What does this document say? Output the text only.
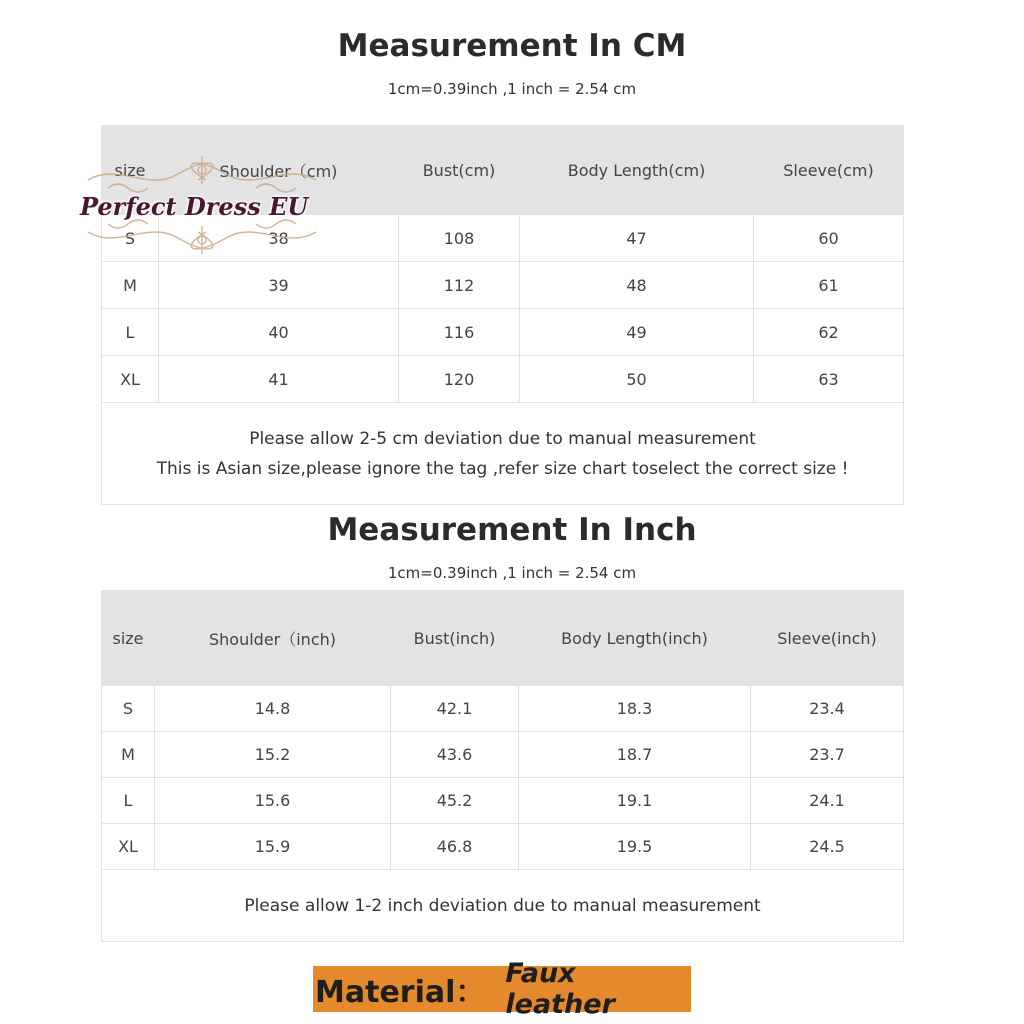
Measurement In CM
1cm=0.39inch ,1 inch = 2.54 cm
size	Shoulder（cm)	Bust(cm)	Body Length(cm)	Sleeve(cm)
S	38	108	47	60
M	39	112	48	61
L	40	116	49	62
XL	41	120	50	63

Please allow 2-5 cm deviation due to manual measurement
This is Asian size,please ignore the tag ,refer size chart toselect the correct size !				
Measurement In Inch
1cm=0.39inch ,1 inch = 2.54 cm
size	Shoulder（inch)	Bust(inch)	Body Length(inch)	Sleeve(inch)
S	14.8	42.1	18.3	23.4
M	15.2	43.6	18.7	23.7
L	15.6	45.2	19.1	24.1
XL	15.9	46.8	19.5	24.5
Please allow 1-2 inch deviation due to manual measurement				
Material：
Faux leather
Perfect Dress EU
